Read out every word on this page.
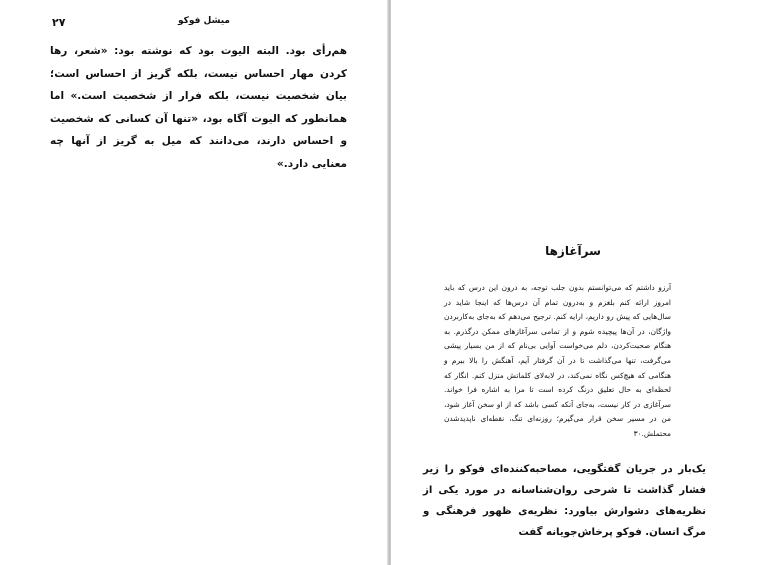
۲۷	میشل فوکو

هم‌رأی بود. البته الیوت بود که نوشته بود: «شعر، رها کردن مهار احساس نیست، بلکه گریز از احساس است؛ بیان شخصیت نیست، بلکه فرار از شخصیت است.» اما همانطور که الیوت آگاه بود، «تنها آن کسانی که شخصیت و احساس دارند، می‌دانند که میل به گریز از آنها چه معنایی دارد.»

سرآغازها

آرزو داشتم که می‌توانستم بدون جلب توجه، به درون این درس که باید امروز ارائه کنم بلغزم و به‌درون تمام آن درس‌ها که اینجا شاید در سال‌هایی که پیش رو داریم، ارایه کنم. ترجیح می‌دهم که به‌جای به‌کاربردن واژگان، در آن‌ها پیچیده شوم و از تمامی سرآغازهای ممکن درگذرم. به هنگام صحبت‌کردن، دلم می‌خواست آوایی بی‌نام که از من بسیار پیشی می‌گرفت، تنها می‌گذاشت تا در آن گرفتار آیم، آهنگش را بالا ببرم و هنگامی که هیچ‌کس نگاه نمی‌کند، در لابه‌لای کلماتش منزل کنم. انگار که لحظه‌ای به حال تعلیق درنگ کرده است تا مرا به اشاره فرا خواند. سرآغازی در کار نیست، به‌جای آنکه کسی باشد که از او سخن آغاز شود، من در مسیر سخن قرار می‌گیرم؛ روزنه‌ای تنگ، نقطه‌ای ناپدیدشدن محتملش.۳۰

یک‌بار در جریان گفتگویی، مصاحبه‌کننده‌ای فوکو را زیر فشار گذاشت تا شرحی روان‌شناسانه در مورد یکی از نظریه‌های دشوارش بیاورد: نظریه‌ی ظهور فرهنگی و مرگ انسان. فوکو پرخاش‌جویانه گفت
